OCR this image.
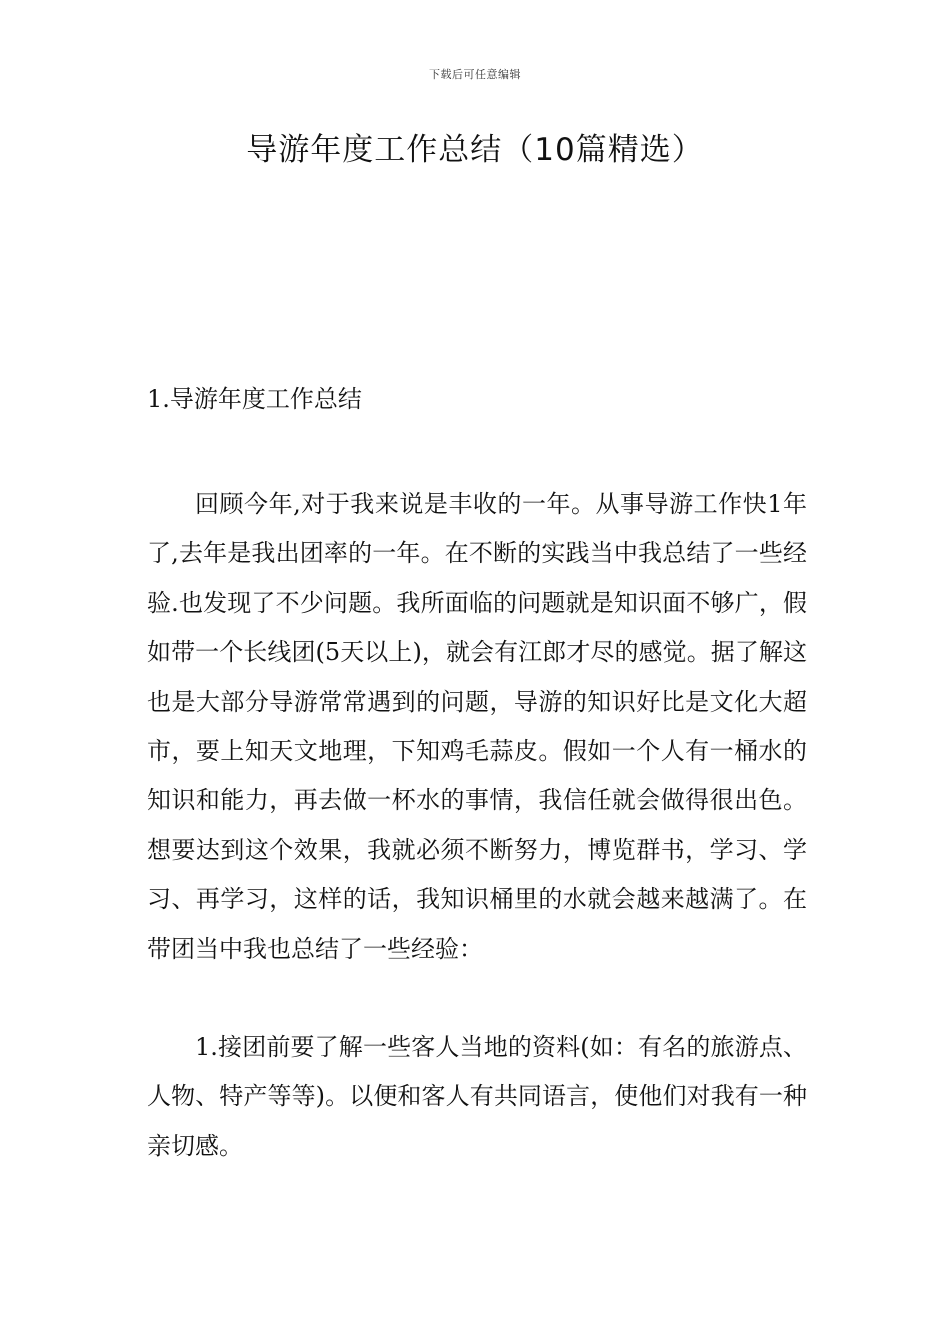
下载后可任意编辑
导游年度工作总结（10篇精选）
1.导游年度工作总结

回顾今年,对于我来说是丰收的一年。从事导游工作快1年了,去年是我出团率的一年。在不断的实践当中我总结了一些经验.也发现了不少问题。我所面临的问题就是知识面不够广，假如带一个长线团(5天以上)，就会有江郎才尽的感觉。据了解这也是大部分导游常常遇到的问题，导游的知识好比是文化大超市，要上知天文地理，下知鸡毛蒜皮。假如一个人有一桶水的知识和能力，再去做一杯水的事情，我信任就会做得很出色。想要达到这个效果，我就必须不断努力，博览群书，学习、学习、再学习，这样的话，我知识桶里的水就会越来越满了。在带团当中我也总结了一些经验：

1.接团前要了解一些客人当地的资料(如：有名的旅游点、人物、特产等等)。以便和客人有共同语言，使他们对我有一种亲切感。
